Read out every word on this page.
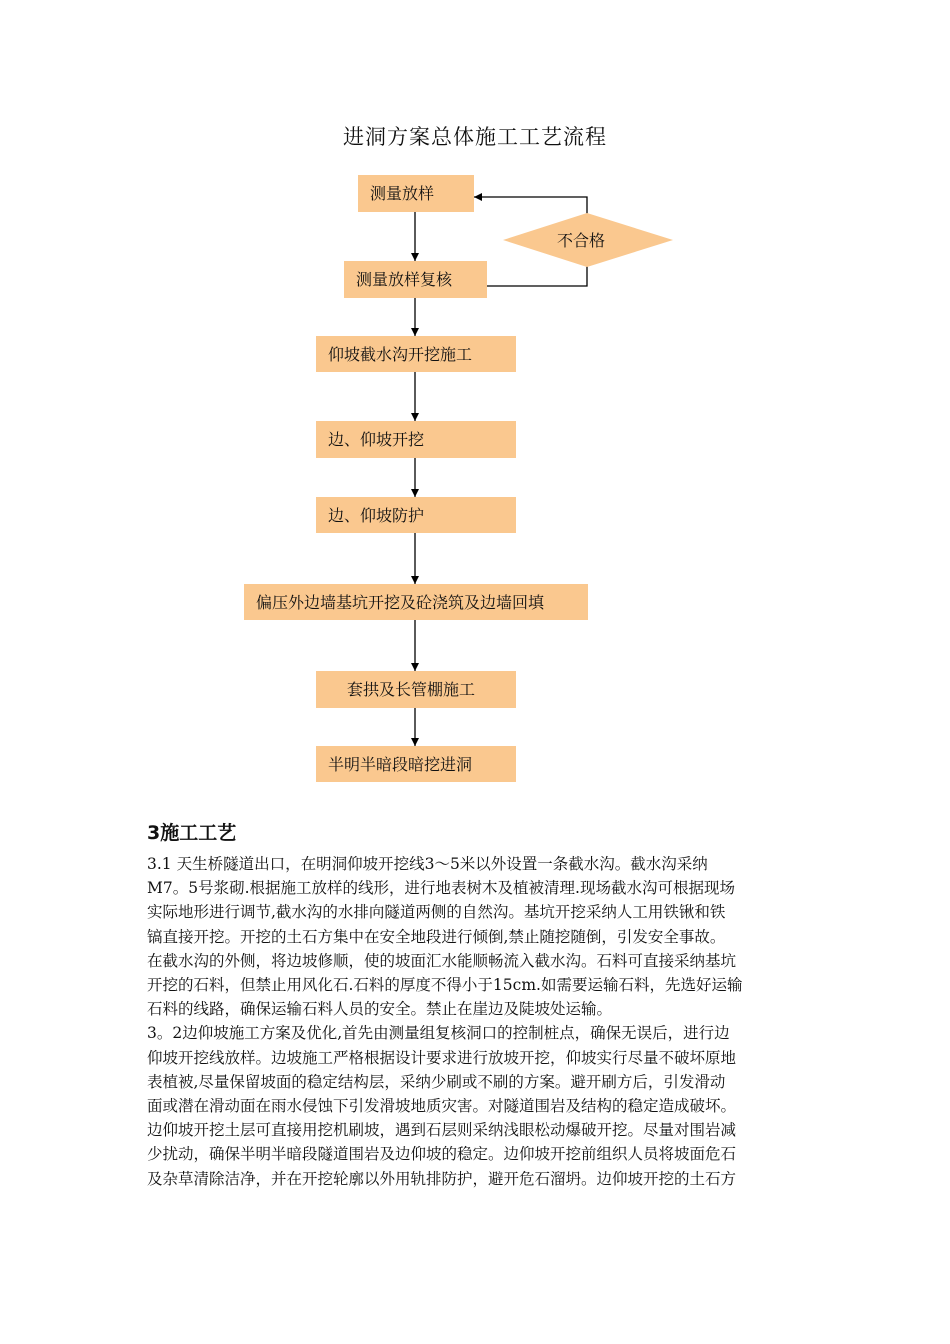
进洞方案总体施工工艺流程
不合格
测量放样
测量放样复核
仰坡截水沟开挖施工
边、仰坡开挖
边、仰坡防护
偏压外边墙基坑开挖及砼浇筑及边墙回填
套拱及长管棚施工
半明半暗段暗挖进洞
3施工工艺

3.1 天生桥隧道出口，在明洞仰坡开挖线3～5米以外设置一条截水沟。截水沟采纳

M7。5号浆砌.根据施工放样的线形，进行地表树木及植被清理.现场截水沟可根据现场

实际地形进行调节,截水沟的水排向隧道两侧的自然沟。基坑开挖采纳人工用铁锹和铁

镐直接开挖。开挖的土石方集中在安全地段进行倾倒,禁止随挖随倒，引发安全事故。

在截水沟的外侧，将边坡修顺，使的坡面汇水能顺畅流入截水沟。石料可直接采纳基坑

开挖的石料，但禁止用风化石.石料的厚度不得小于15cm.如需要运输石料，先选好运输

石料的线路，确保运输石料人员的安全。禁止在崖边及陡坡处运输。

3。2边仰坡施工方案及优化,首先由测量组复核洞口的控制桩点，确保无误后，进行边

仰坡开挖线放样。边坡施工严格根据设计要求进行放坡开挖，仰坡实行尽量不破坏原地

表植被,尽量保留坡面的稳定结构层，采纳少刷或不刷的方案。避开刷方后，引发滑动

面或潜在滑动面在雨水侵蚀下引发滑坡地质灾害。对隧道围岩及结构的稳定造成破坏。

边仰坡开挖土层可直接用挖机刷坡，遇到石层则采纳浅眼松动爆破开挖。尽量对围岩减

少扰动，确保半明半暗段隧道围岩及边仰坡的稳定。边仰坡开挖前组织人员将坡面危石

及杂草清除洁净，并在开挖轮廓以外用轨排防护，避开危石溜坍。边仰坡开挖的土石方
